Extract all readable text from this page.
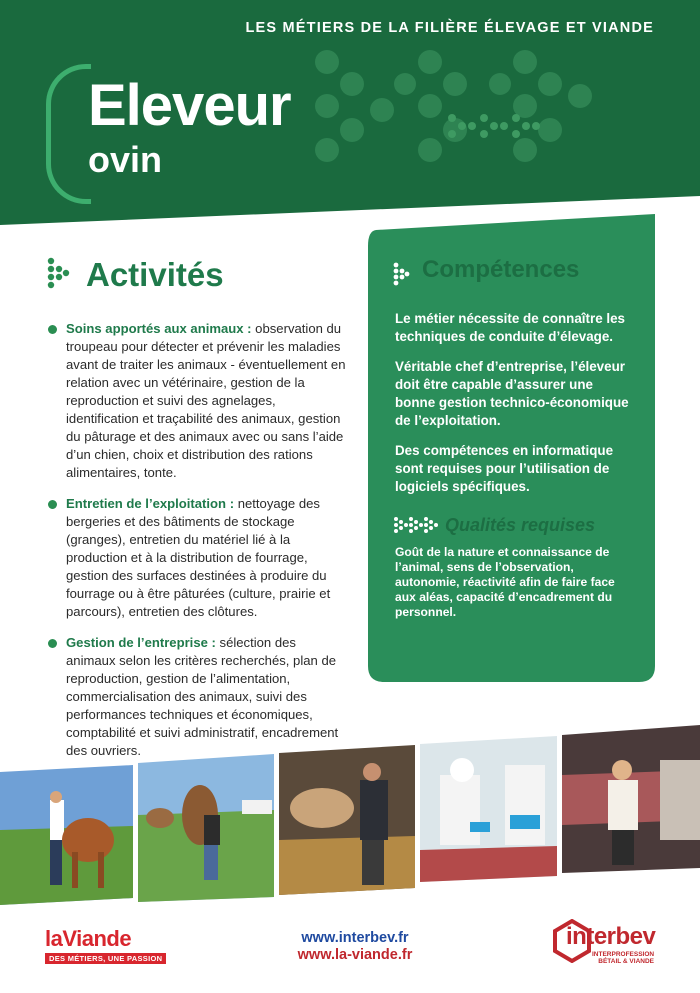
LES MÉTIERS DE LA FILIÈRE ÉLEVAGE ET VIANDE
Eleveur
ovin
Activités
Soins apportés aux animaux : observation du troupeau pour détecter et prévenir les maladies avant de traiter les animaux - éventuellement en relation avec un vétérinaire, gestion de la reproduction et suivi des agnelages, identification et traçabilité des animaux, gestion du pâturage et des animaux avec ou sans l’aide d’un chien, choix et distribution des rations alimentaires, tonte.
Entretien de l’exploitation : nettoyage des bergeries et des bâtiments de stockage (granges), entretien du matériel lié à la production et à la distribution de fourrage, gestion des surfaces destinées à produire du fourrage ou à être pâturées (culture, prairie et parcours), entretien des clôtures.
Gestion de l’entreprise : sélection des animaux selon les critères recherchés, plan de reproduction, gestion de l’alimentation, commercialisation des animaux, suivi des performances techniques et économiques, comptabilité et suivi administratif, encadrement des ouvriers.
Compétences

Le métier nécessite de connaître les techniques de conduite d’élevage.

Véritable chef d’entreprise, l’éleveur doit être capable d’assurer une bonne gestion technico-économique de l’exploitation.

Des compétences en informatique sont requises pour l’utilisation de logiciels spécifiques.

Qualités requises
Goût de la nature et connaissance de l’animal, sens de l’observation, autonomie, réactivité afin de faire face aux aléas, capacité d’encadrement du personnel.
laViande
DES MÉTIERS, UNE PASSION
www.interbev.fr
www.la-viande.fr
interbev
INTERPROFESSION
BÉTAIL & VIANDE
